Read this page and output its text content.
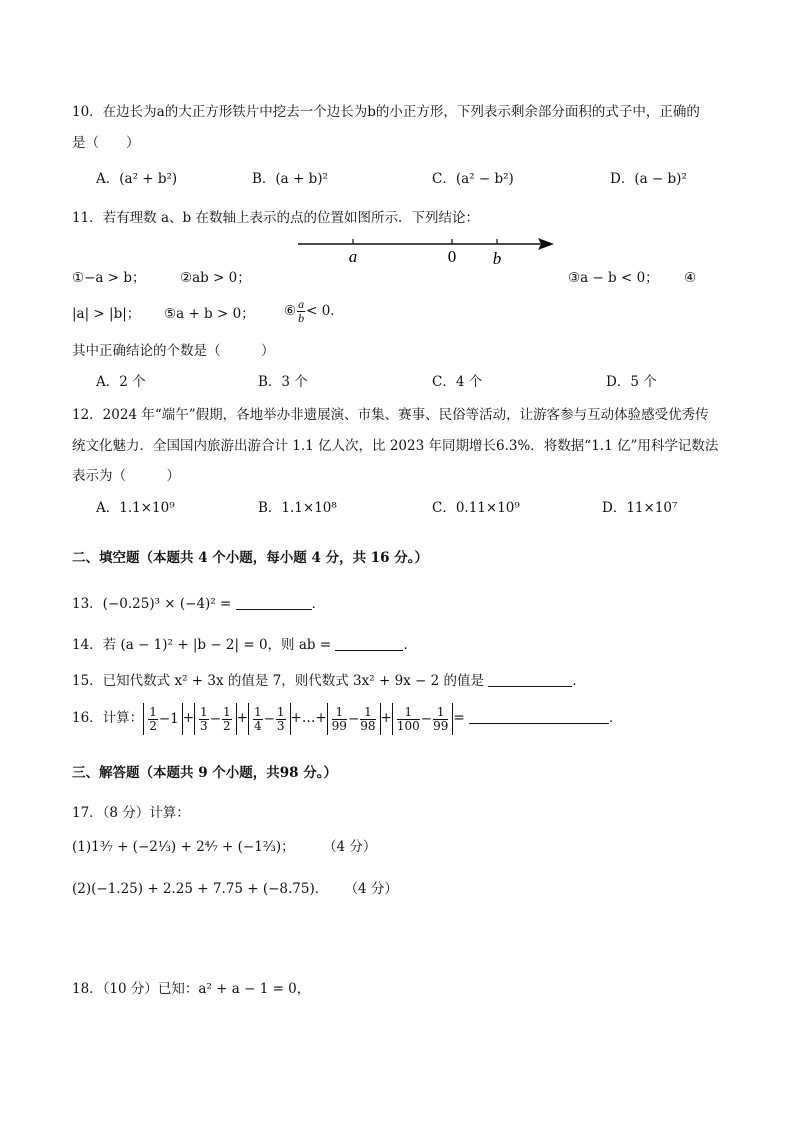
10．在边长为a的大正方形铁片中挖去一个边长为b的小正方形，下列表示剩余部分面积的式子中，正确的
是（　　）
A．(a² + b²)	B．(a + b)²	C．(a² − b²)	D．(a − b)²
11．若有理数 a、b 在数轴上表示的点的位置如图所示．下列结论：
a	0 b
①−a > b；	②ab > 0；	③a − b < 0； ④
|a| > |b|； ⑤a + b > 0； ⑥ $\frac{a}{b} < 0$．
其中正确结论的个数是（　　　）
A．2 个	B．3 个	C．4 个	D．5 个
12．2024 年“端午”假期，各地举办非遗展演、市集、赛事、民俗等活动，让游客参与互动体验感受优秀传
统文化魅力．全国国内旅游出游合计 1.1 亿人次，比 2023 年同期增长6.3%．将数据“1.1 亿”用科学记数法
表示为（　　　）
A．1.1×10⁹	B．1.1×10⁸	C．0.11×10⁹	D．11×10⁷
二、填空题（本题共 4 个小题，每小题 4 分，共 16 分。）
13．(−0.25)³ × (−4)² =	．
14．若 (a − 1)² + |b − 2| = 0，则 ab =	．
15．已知代数式 x² + 3x 的值是 7，则代数式 3x² + 9x − 2 的值是	．
16．计算： $\frac{1}{2} -1 + \frac{1}{3} - \frac{1}{2} + \frac{1}{4} - \frac{1}{3}$ +…+ $\frac{1}{99} - \frac{1}{98} + \frac{1}{100} - \frac{1}{99}$ =	．
三、解答题（本题共 9 个小题，共98 分。）
17．（8 分）计算：
(1)1³⁄₇ + (−2¹⁄₃) + 2⁴⁄₇ + (−1²⁄₃)； （4 分）
(2)(−1.25) + 2.25 + 7.75 + (−8.75)． （4 分）
18．（10 分）已知：a² + a − 1 = 0，
